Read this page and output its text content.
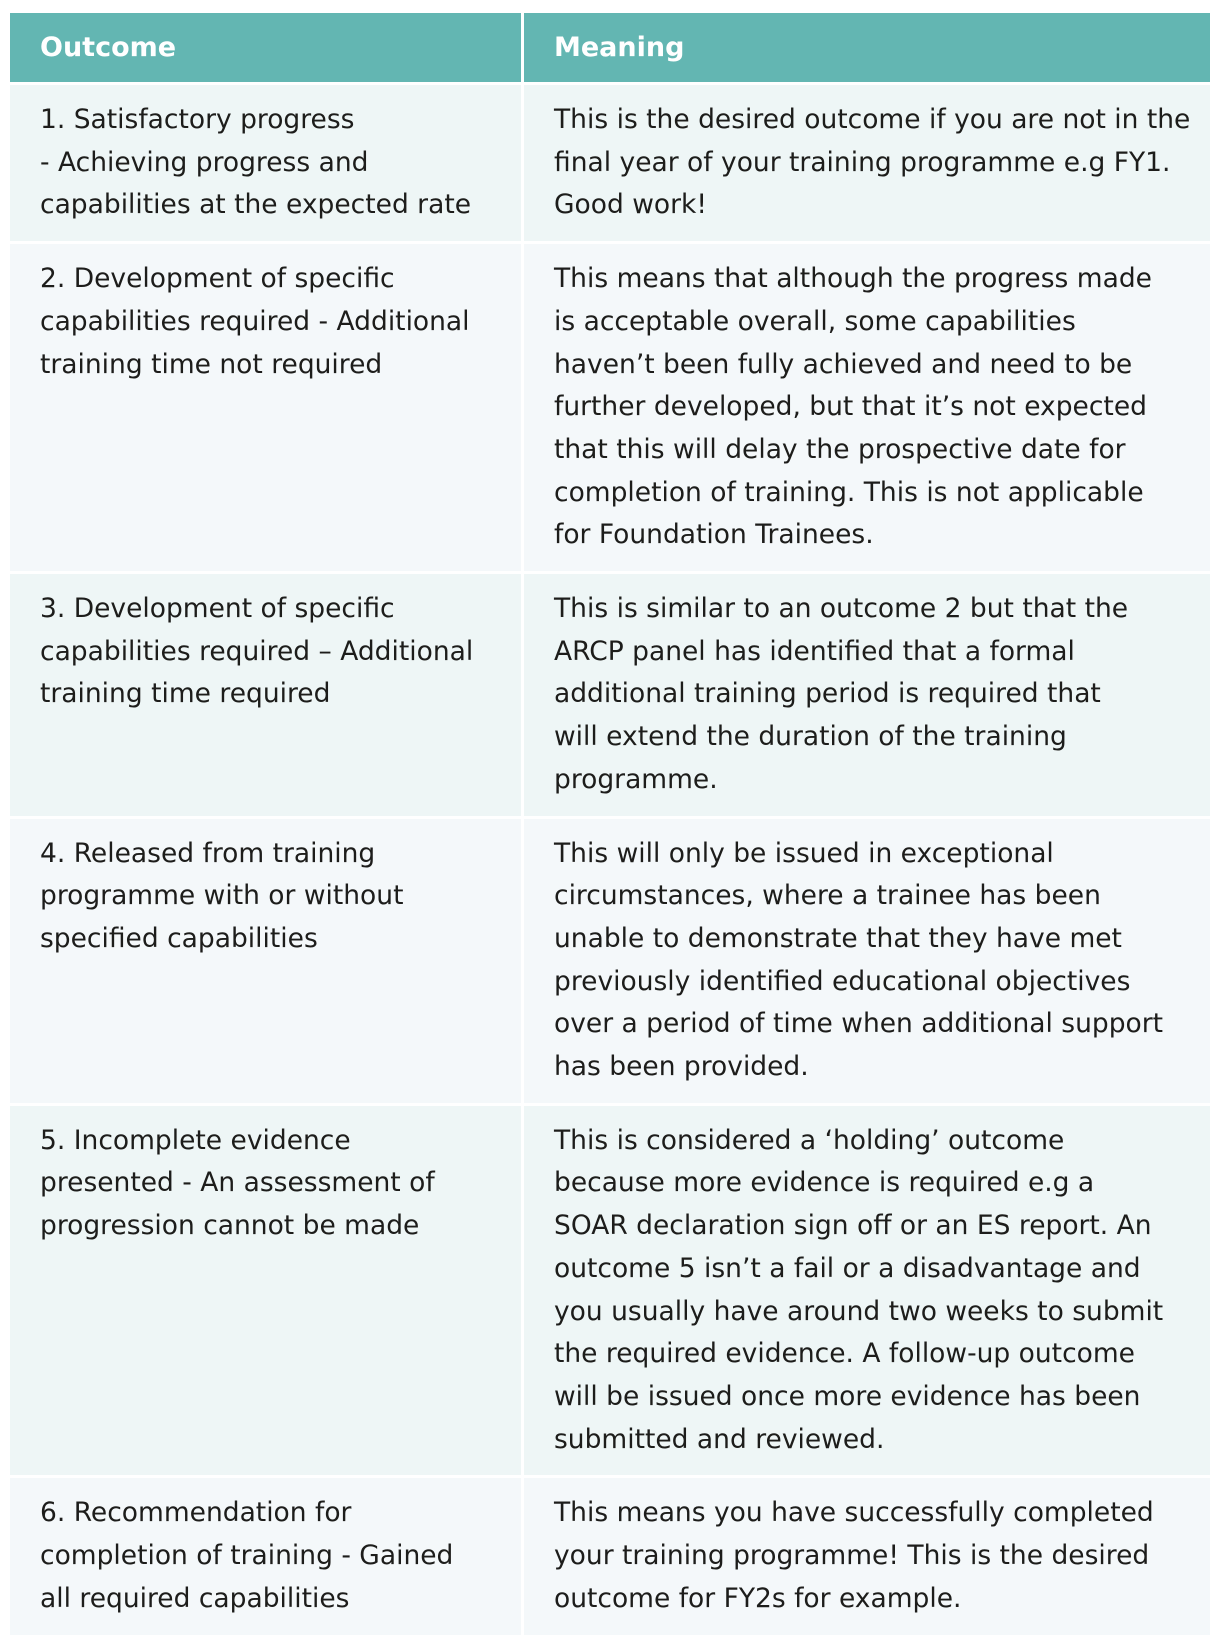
Outcome	Meaning
1. Satisfactory progress
- Achieving progress and
capabilities at the expected rate
This is the desired outcome if you are not in the
final year of your training programme e.g FY1.
Good work!
2. Development of specific
capabilities required - Additional
training time not required
This means that although the progress made
is acceptable overall, some capabilities
haven’t been fully achieved and need to be
further developed, but that it’s not expected
that this will delay the prospective date for
completion of training. This is not applicable
for Foundation Trainees.
3. Development of specific
capabilities required – Additional
training time required
This is similar to an outcome 2 but that the
ARCP panel has identified that a formal
additional training period is required that
will extend the duration of the training
programme.
4. Released from training
programme with or without
specified capabilities
This will only be issued in exceptional
circumstances, where a trainee has been
unable to demonstrate that they have met
previously identified educational objectives
over a period of time when additional support
has been provided.
5. Incomplete evidence
presented - An assessment of
progression cannot be made
This is considered a ‘holding’ outcome
because more evidence is required e.g a
SOAR declaration sign off or an ES report. An
outcome 5 isn’t a fail or a disadvantage and
you usually have around two weeks to submit
the required evidence. A follow-up outcome
will be issued once more evidence has been
submitted and reviewed.
6. Recommendation for
completion of training - Gained
all required capabilities
This means you have successfully completed
your training programme! This is the desired
outcome for FY2s for example.
